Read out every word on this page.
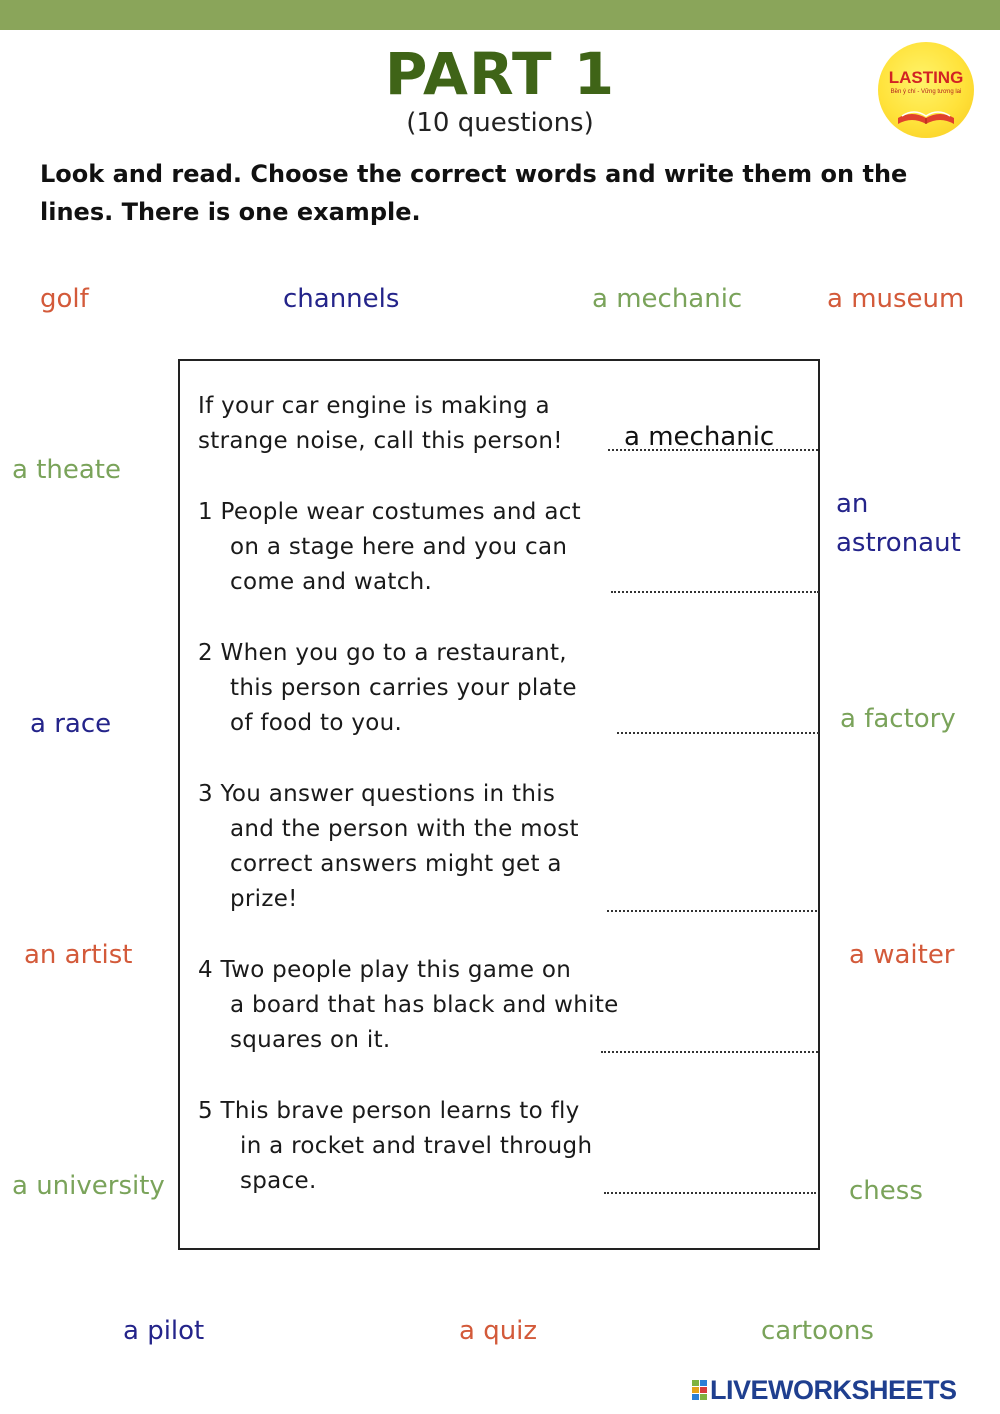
PART 1
(10 questions)
LASTING
Bền ý chí - Vững tương lai
Look and read. Choose the correct words and write them on the lines. There is one example.
golf	channels	a mechanic	a museum
a theate
an
astronaut
a race	a factory
an artist	a waiter
a university	chess
a pilot	a quiz	cartoons
If your car engine is making a
strange noise, call this person! a mechanic
1 People wear costumes and act
on a stage here and you can
come and watch.
2 When you go to a restaurant,
this person carries your plate
of food to you.
3 You answer questions in this
and the person with the most
correct answers might get a
prize!
4 Two people play this game on
a board that has black and white
squares on it.
5 This brave person learns to fly
in a rocket and travel through
space.
LIVEWORKSHEETS
